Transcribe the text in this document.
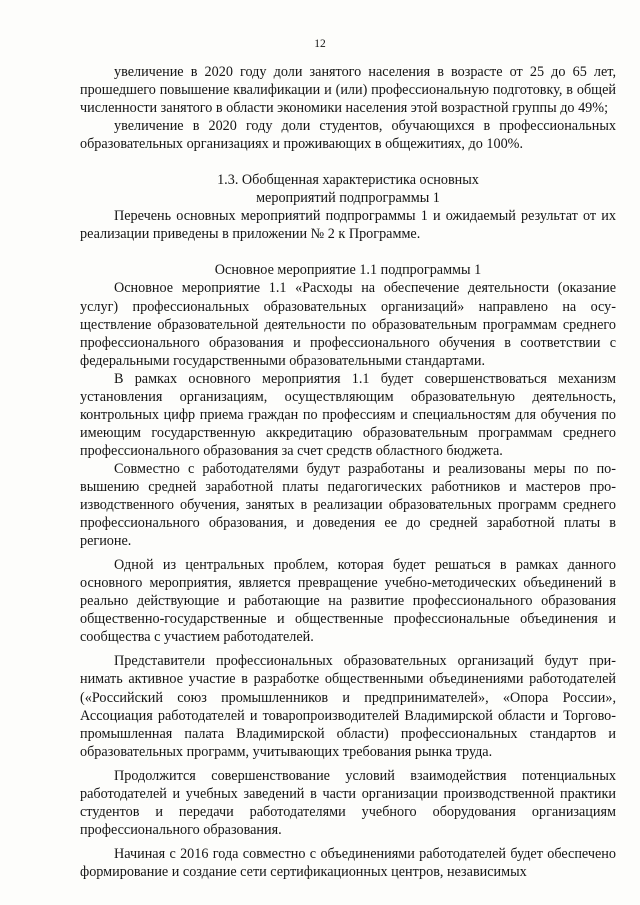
12

увеличение в 2020 году доли занятого населения в возрасте от 25 до 65 лет, прошедшего повышение квалификации и (или) профессиональную подготовку, в общей численности занятого в области экономики населения этой возрастной группы до 49%;

увеличение в 2020 году доли студентов, обучающихся в профессиональных образовательных организациях и проживающих в общежитиях, до 100%.

1.3. Обобщенная характеристика основных
мероприятий подпрограммы 1

Перечень основных мероприятий подпрограммы 1 и ожидаемый результат от их реализации приведены в приложении № 2 к Программе.

Основное мероприятие 1.1 подпрограммы 1

Основное мероприятие 1.1 «Расходы на обеспечение деятельности (оказание услуг) профессиональных образовательных организаций» направлено на осуществление образовательной деятельности по образовательным программам среднего профессионального образования и профессионального обучения в соответствии с федеральными государственными образовательными стандартами.

В рамках основного мероприятия 1.1 будет совершенствоваться механизм установления организациям, осуществляющим образовательную деятельность, контрольных цифр приема граждан по профессиям и специальностям для обучения по имеющим государственную аккредитацию образовательным программам среднего профессионального образования за счет средств областного бюджета.

Совместно с работодателями будут разработаны и реализованы меры по повышению средней заработной платы педагогических работников и мастеров производственного обучения, занятых в реализации образовательных программ среднего профессионального образования, и доведения ее до средней заработной платы в регионе.

Одной из центральных проблем, которая будет решаться в рамках данного основного мероприятия, является превращение учебно-методических объединений в реально действующие и работающие на развитие профессионального образования общественно-государственные и общественные профессиональные объединения и сообщества с участием работодателей.

Представители профессиональных образовательных организаций будут принимать активное участие в разработке общественными объединениями работодателей («Российский союз промышленников и предпринимателей», «Опора России», Ассоциация работодателей и товаропроизводителей Владимирской области и Торгово-промышленная палата Владимирской области) профессиональных стандартов и образовательных программ, учитывающих требования рынка труда.

Продолжится совершенствование условий взаимодействия потенциальных работодателей и учебных заведений в части организации производственной практики студентов и передачи работодателями учебного оборудования организациям профессионального образования.

Начиная с 2016 года совместно с объединениями работодателей будет обеспечено формирование и создание сети сертификационных центров, независимых
